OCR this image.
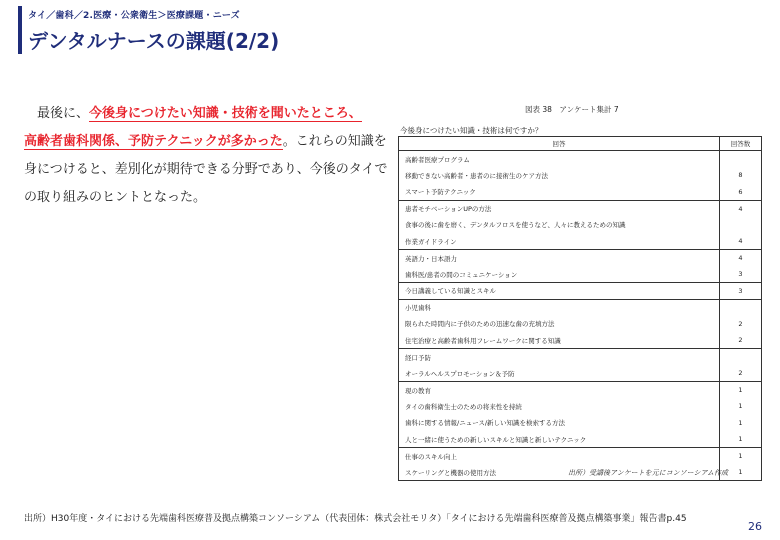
タイ／歯科／2.医療・公衆衛生＞医療課題・ニーズ
デンタルナースの課題(2/2)

最後に、今後身につけたい知識・技術を聞いたところ、
高齢者歯科関係、予防テクニックが多かった。これらの知識を身につけると、差別化が期待できる分野であり、今後のタイでの取り組みのヒントとなった。

図表 38　アンケート集計 7
今後身につけたい知識・技術は何ですか？
回答	回答数
高齢者医療プログラム	
移動できない高齢者・患者のに接術生のケア方法	8
スマート予防テクニック	6
患者モチベーションUPの方法	4
食事の後に歯を磨く、デンタルフロスを使うなど、人々に教えるための知識	
作業ガイドライン	4
英語力・日本語力	4
歯科医/患者の間のコミュニケーション	3
今日講義している知識とスキル	3
小児歯科	
限られた時間内に子供のための迅速な歯の充填方法	2
住宅治療と高齢者歯科用フレームワークに関する知識	2
経口予防	
オーラルヘルスプロモーション＆予防	2
現の教育	1
タイの歯科衛生士のための将来性を持続	1
歯科に関する情報/ニュース/新しい知識を検索する方法	1
人と一緒に使うための新しいスキルと知識と新しいテクニック	1
仕事のスキル向上	1
スケーリングと機器の使用方法	1
出所）受講後アンケートを元にコンソーシアム作成
出所）H30年度・タイにおける先端歯科医療普及拠点構築コンソーシアム（代表団体：株式会社モリタ）「タイにおける先端歯科医療普及拠点構築事業」報告書p.45
26
